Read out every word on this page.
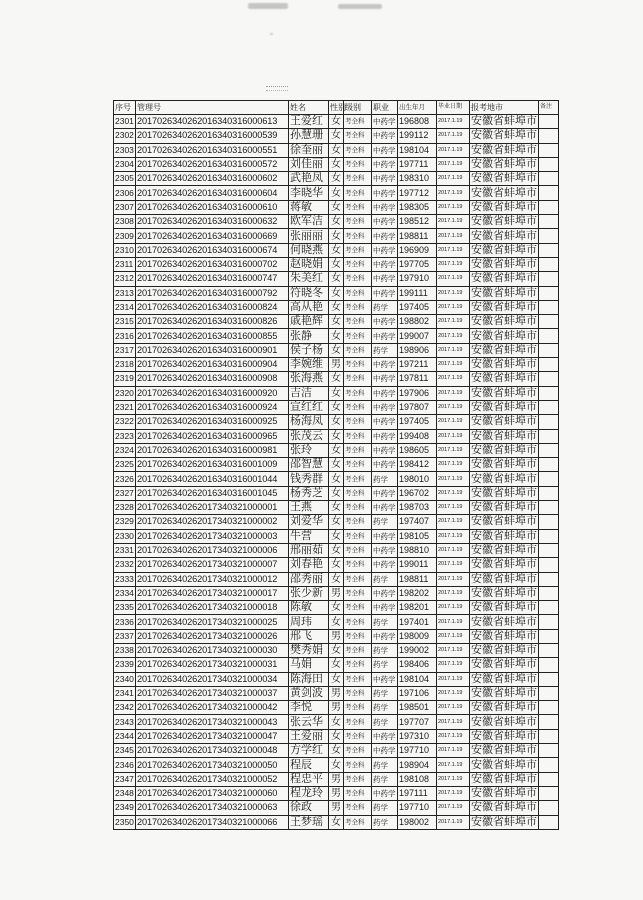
序号	管理号	姓名	性别	级别	职业	出生年月	毕业日期	报考地市	备注
2301	2017026340262016340316000613	王爱红	女	考全科	中药学	196808	2017.1.19	安徽省蚌埠市	
2302	2017026340262016340316000539	孙慧珊	女	考全科	中药学	199112	2017.1.19	安徽省蚌埠市	
2303	2017026340262016340316000551	徐奎丽	女	考全科	中药学	198104	2017.1.19	安徽省蚌埠市	
2304	2017026340262016340316000572	刘佳丽	女	考全科	中药学	197711	2017.1.19	安徽省蚌埠市	
2305	2017026340262016340316000602	武艳凤	女	考全科	中药学	198310	2017.1.19	安徽省蚌埠市	
2306	2017026340262016340316000604	李晓华	女	考全科	中药学	197712	2017.1.19	安徽省蚌埠市	
2307	2017026340262016340316000610	蒋敏	女	考全科	中药学	198305	2017.1.19	安徽省蚌埠市	
2308	2017026340262016340316000632	欧军洁	女	考全科	中药学	198512	2017.1.19	安徽省蚌埠市	
2309	2017026340262016340316000669	张丽丽	女	考全科	中药学	198811	2017.1.19	安徽省蚌埠市	
2310	2017026340262016340316000674	何晓燕	女	考全科	中药学	196909	2017.1.19	安徽省蚌埠市	
2311	2017026340262016340316000702	赵晓娟	女	考全科	中药学	197705	2017.1.19	安徽省蚌埠市	
2312	2017026340262016340316000747	朱美红	女	考全科	中药学	197910	2017.1.19	安徽省蚌埠市	
2313	2017026340262016340316000792	符晓冬	女	考全科	中药学	199111	2017.1.19	安徽省蚌埠市	
2314	2017026340262016340316000824	高从艳	女	考全科	药学	197405	2017.1.19	安徽省蚌埠市	
2315	2017026340262016340316000826	戚艳辉	女	考全科	中药学	198802	2017.1.19	安徽省蚌埠市	
2316	2017026340262016340316000855	张静	女	考全科	中药学	199007	2017.1.19	安徽省蚌埠市	
2317	2017026340262016340316000901	侯子杨	女	考全科	药学	198906	2017.1.19	安徽省蚌埠市	
2318	2017026340262016340316000904	李婉维	男	考全科	中药学	197211	2017.1.19	安徽省蚌埠市	
2319	2017026340262016340316000908	张海燕	女	考全科	中药学	197811	2017.1.19	安徽省蚌埠市	
2320	2017026340262016340316000920	吉洁	女	考全科	中药学	197906	2017.1.19	安徽省蚌埠市	
2321	2017026340262016340316000924	宣红红	女	考全科	中药学	197807	2017.1.19	安徽省蚌埠市	
2322	2017026340262016340316000925	杨海凤	女	考全科	中药学	197405	2017.1.19	安徽省蚌埠市	
2323	2017026340262016340316000965	张茂云	女	考全科	中药学	199408	2017.1.19	安徽省蚌埠市	
2324	2017026340262016340316000981	张玲	女	考全科	中药学	198605	2017.1.19	安徽省蚌埠市	
2325	2017026340262016340316001009	邵智慧	女	考全科	中药学	198412	2017.1.19	安徽省蚌埠市	
2326	2017026340262016340316001044	钱秀群	女	考全科	药学	198010	2017.1.19	安徽省蚌埠市	
2327	2017026340262016340316001045	杨秀芝	女	考全科	中药学	196702	2017.1.19	安徽省蚌埠市	
2328	2017026340262017340321000001	王燕	女	考全科	中药学	198703	2017.1.19	安徽省蚌埠市	
2329	2017026340262017340321000002	刘爱华	女	考全科	药学	197407	2017.1.19	安徽省蚌埠市	
2330	2017026340262017340321000003	牛营	女	考全科	中药学	198105	2017.1.19	安徽省蚌埠市	
2331	2017026340262017340321000006	邢丽茹	女	考全科	中药学	198810	2017.1.19	安徽省蚌埠市	
2332	2017026340262017340321000007	刘春艳	女	考全科	中药学	199011	2017.1.19	安徽省蚌埠市	
2333	2017026340262017340321000012	邵秀丽	女	考全科	药学	198811	2017.1.19	安徽省蚌埠市	
2334	2017026340262017340321000017	张少新	男	考全科	中药学	198202	2017.1.19	安徽省蚌埠市	
2335	2017026340262017340321000018	陈敏	女	考全科	中药学	198201	2017.1.19	安徽省蚌埠市	
2336	2017026340262017340321000025	周玮	女	考全科	药学	197401	2017.1.19	安徽省蚌埠市	
2337	2017026340262017340321000026	邢飞	男	考全科	中药学	198009	2017.1.19	安徽省蚌埠市	
2338	2017026340262017340321000030	樊秀娟	女	考全科	药学	199002	2017.1.19	安徽省蚌埠市	
2339	2017026340262017340321000031	马娟	女	考全科	药学	198406	2017.1.19	安徽省蚌埠市	
2340	2017026340262017340321000034	陈海田	女	考全科	中药学	198104	2017.1.19	安徽省蚌埠市	
2341	2017026340262017340321000037	黄剑波	男	考全科	药学	197106	2017.1.19	安徽省蚌埠市	
2342	2017026340262017340321000042	李悦	男	考全科	药学	198501	2017.1.19	安徽省蚌埠市	
2343	2017026340262017340321000043	张云华	女	考全科	药学	197707	2017.1.19	安徽省蚌埠市	
2344	2017026340262017340321000047	王爱丽	女	考全科	中药学	197310	2017.1.19	安徽省蚌埠市	
2345	2017026340262017340321000048	方学红	女	考全科	中药学	197710	2017.1.19	安徽省蚌埠市	
2346	2017026340262017340321000050	程辰	女	考全科	药学	198904	2017.1.19	安徽省蚌埠市	
2347	2017026340262017340321000052	程忠平	男	考全科	药学	198108	2017.1.19	安徽省蚌埠市	
2348	2017026340262017340321000060	程龙玲	男	考全科	中药学	197111	2017.1.19	安徽省蚌埠市	
2349	2017026340262017340321000063	徐政	男	考全科	药学	197710	2017.1.19	安徽省蚌埠市	
2350	2017026340262017340321000066	王梦瑶	女	考全科	药学	198002	2017.1.19	安徽省蚌埠市	
